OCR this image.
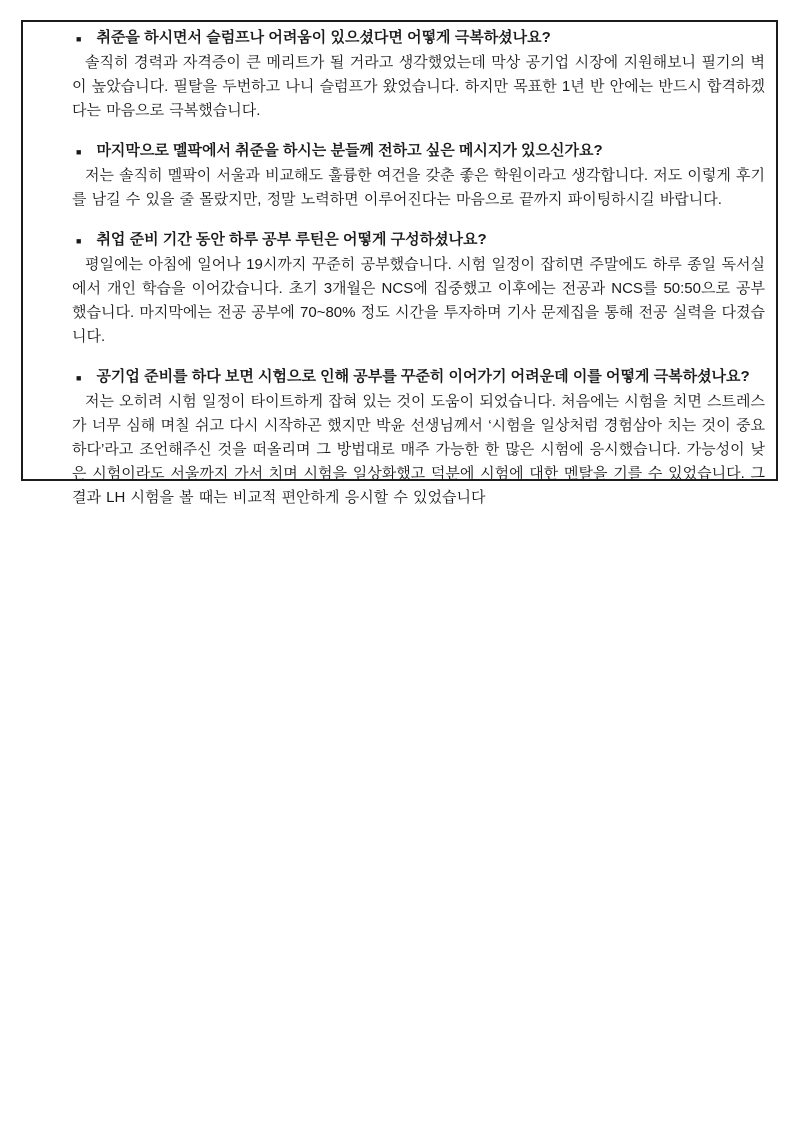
■ 취준을 하시면서 슬럼프나 어려움이 있으셨다면 어떻게 극복하셨나요?

솔직히 경력과 자격증이 큰 메리트가 될 거라고 생각했었는데 막상 공기업 시장에 지원해보니 필기의 벽이 높았습니다. 필탈을 두번하고 나니 슬럼프가 왔었습니다. 하지만 목표한 1년 반 안에는 반드시 합격하겠다는 마음으로 극복했습니다.

■ 마지막으로 멜팍에서 취준을 하시는 분들께 전하고 싶은 메시지가 있으신가요?

저는 솔직히 멜팍이 서울과 비교해도 훌륭한 여건을 갖춘 좋은 학원이라고 생각합니다. 저도 이렇게 후기를 남길 수 있을 줄 몰랐지만, 정말 노력하면 이루어진다는 마음으로 끝까지 파이팅하시길 바랍니다.

■ 취업 준비 기간 동안 하루 공부 루틴은 어떻게 구성하셨나요?

평일에는 아침에 일어나 19시까지 꾸준히 공부했습니다. 시험 일정이 잡히면 주말에도 하루 종일 독서실에서 개인 학습을 이어갔습니다. 초기 3개월은 NCS에 집중했고 이후에는 전공과 NCS를 50:50으로 공부했습니다. 마지막에는 전공 공부에 70~80% 정도 시간을 투자하며 기사 문제집을 통해 전공 실력을 다졌습니다.

■ 공기업 준비를 하다 보면 시험으로 인해 공부를 꾸준히 이어가기 어려운데 이를 어떻게 극복하셨나요?

저는 오히려 시험 일정이 타이트하게 잡혀 있는 것이 도움이 되었습니다. 처음에는 시험을 치면 스트레스가 너무 심해 며칠 쉬고 다시 시작하곤 했지만 박윤 선생님께서 ‘시험을 일상처럼 경험삼아 치는 것이 중요하다’라고 조언해주신 것을 떠올리며 그 방법대로 매주 가능한 한 많은 시험에 응시했습니다. 가능성이 낮은 시험이라도 서울까지 가서 치며 시험을 일상화했고 덕분에 시험에 대한 멘탈을 기를 수 있었습니다. 그 결과 LH 시험을 볼 때는 비교적 편안하게 응시할 수 있었습니다
